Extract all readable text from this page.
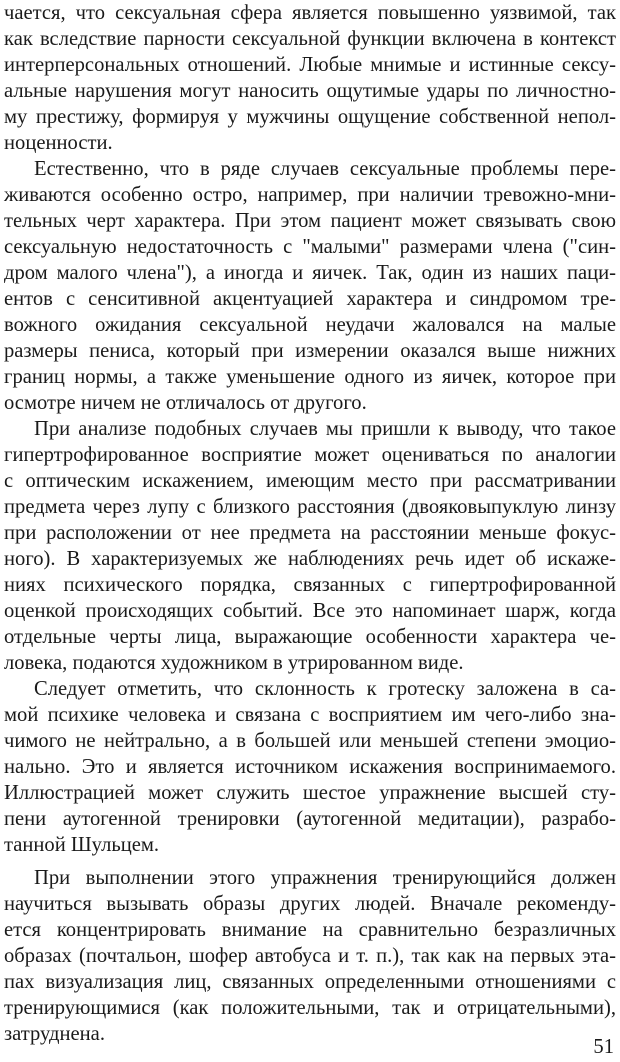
чается, что сексуальная сфера является повышенно уязвимой, так
как вследствие парности сексуальной функции включена в контекст
интерперсональных отношений. Любые мнимые и истинные сексу-
альные нарушения могут наносить ощутимые удары по личностно-
му престижу, формируя у мужчины ощущение собственной непол-
ноценности.
Естественно, что в ряде случаев сексуальные проблемы пере-
живаются особенно остро, например, при наличии тревожно-мни-
тельных черт характера. При этом пациент может связывать свою
сексуальную недостаточность с "малыми" размерами члена ("син-
дром малого члена"), а иногда и яичек. Так, один из наших паци-
ентов с сенситивной акцентуацией характера и синдромом тре-
вожного ожидания сексуальной неудачи жаловался на малые
размеры пениса, который при измерении оказался выше нижних
границ нормы, а также уменьшение одного из яичек, которое при
осмотре ничем не отличалось от другого.
При анализе подобных случаев мы пришли к выводу, что такое
гипертрофированное восприятие может оцениваться по аналогии
с оптическим искажением, имеющим место при рассматривании
предмета через лупу с близкого расстояния (двояковыпуклую линзу
при расположении от нее предмета на расстоянии меньше фокус-
ного). В характеризуемых же наблюдениях речь идет об искаже-
ниях психического порядка, связанных с гипертрофированной
оценкой происходящих событий. Все это напоминает шарж, когда
отдельные черты лица, выражающие особенности характера че-
ловека, подаются художником в утрированном виде.
Следует отметить, что склонность к гротеску заложена в са-
мой психике человека и связана с восприятием им чего-либо зна-
чимого не нейтрально, а в большей или меньшей степени эмоцио-
нально. Это и является источником искажения воспринимаемого.
Иллюстрацией может служить шестое упражнение высшей сту-
пени аутогенной тренировки (аутогенной медитации), разрабо-
танной Шульцем.
При выполнении этого упражнения тренирующийся должен
научиться вызывать образы других людей. Вначале рекоменду-
ется концентрировать внимание на сравнительно безразличных
образах (почтальон, шофер автобуса и т. п.), так как на первых эта-
пах визуализация лиц, связанных определенными отношениями с
тренирующимися (как положительными, так и отрицательными),
затруднена.
51
